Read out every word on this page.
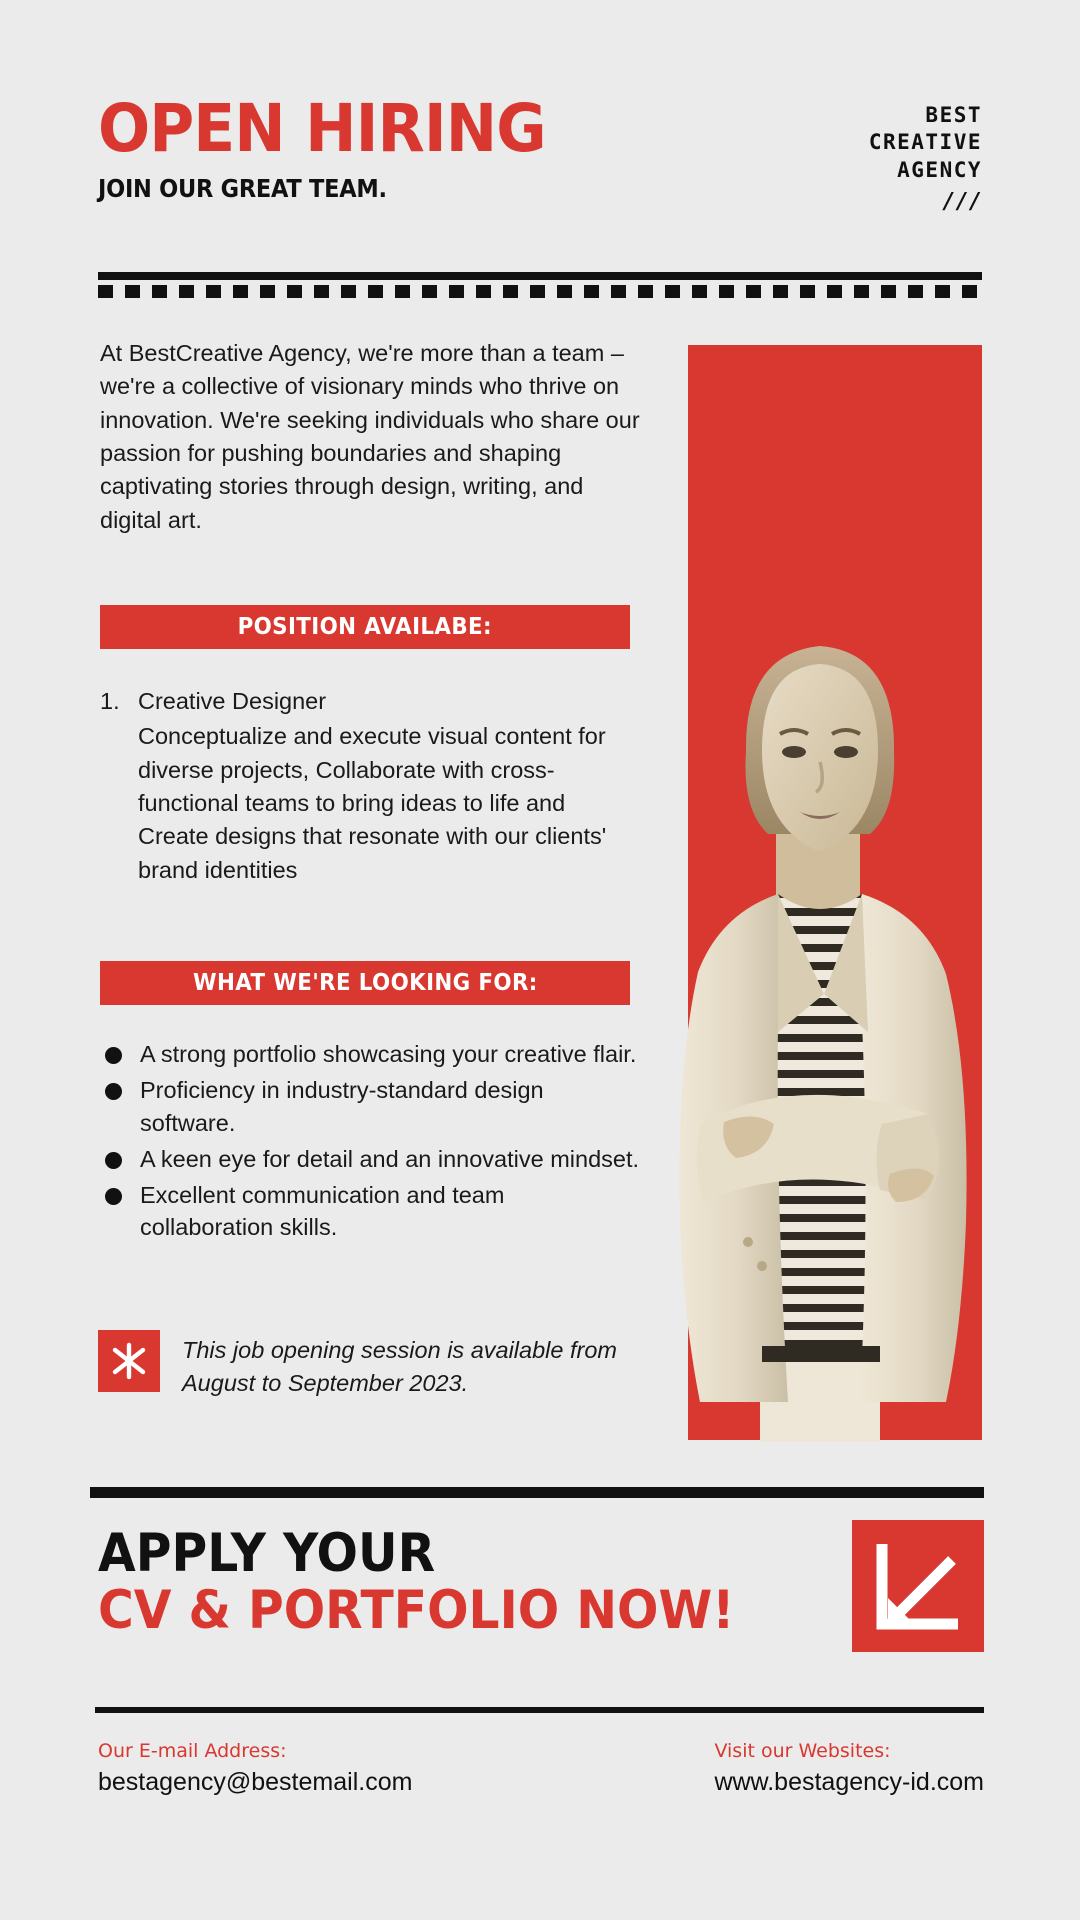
OPEN HIRING
JOIN OUR GREAT TEAM.
BEST
CREATIVE
AGENCY
///
At BestCreative Agency, we're more than a team – we're a collective of visionary minds who thrive on innovation. We're seeking individuals who share our passion for pushing boundaries and shaping captivating stories through design, writing, and digital art.
POSITION AVAILABE:
1. Creative Designer
Conceptualize and execute visual content for diverse projects, Collaborate with cross-functional teams to bring ideas to life and Create designs that resonate with our clients' brand identities
WHAT WE'RE LOOKING FOR:
A strong portfolio showcasing your creative flair.
Proficiency in industry-standard design software.
A keen eye for detail and an innovative mindset.
Excellent communication and team collaboration skills.
This job opening session is available from August to September 2023.
APPLY YOUR
CV & PORTFOLIO NOW!
Our E-mail Address:
bestagency@bestemail.com
Visit our Websites:
www.bestagency-id.com
